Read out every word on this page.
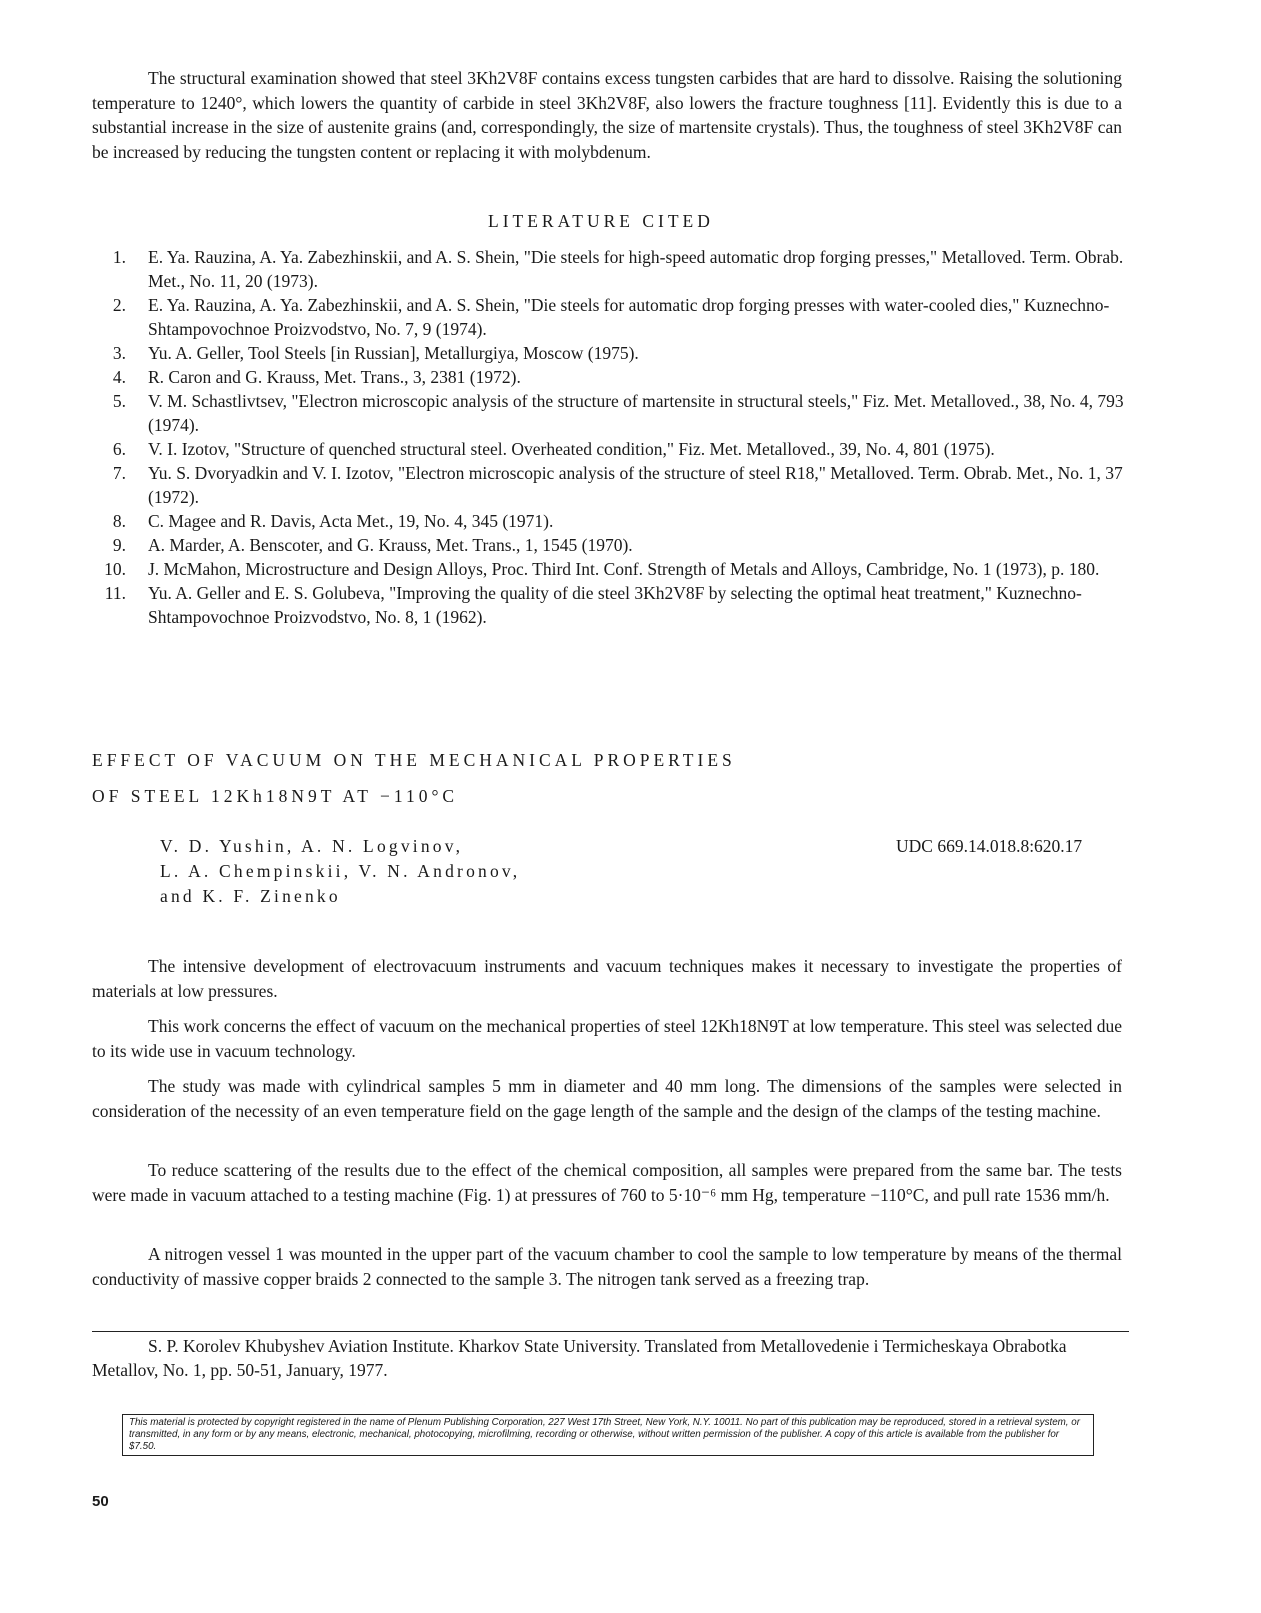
The structural examination showed that steel 3Kh2V8F contains excess tungsten carbides that are hard to dissolve. Raising the solutioning temperature to 1240°, which lowers the quantity of carbide in steel 3Kh2V8F, also lowers the fracture toughness [11]. Evidently this is due to a substantial increase in the size of austenite grains (and, correspondingly, the size of martensite crystals). Thus, the toughness of steel 3Kh2V8F can be increased by reducing the tungsten content or replacing it with molybdenum.

LITERATURE CITED
1. E. Ya. Rauzina, A. Ya. Zabezhinskii, and A. S. Shein, "Die steels for high-speed automatic drop forging presses," Metalloved. Term. Obrab. Met., No. 11, 20 (1973).
2. E. Ya. Rauzina, A. Ya. Zabezhinskii, and A. S. Shein, "Die steels for automatic drop forging presses with water-cooled dies," Kuznechno-Shtampovochnoe Proizvodstvo, No. 7, 9 (1974).
3. Yu. A. Geller, Tool Steels [in Russian], Metallurgiya, Moscow (1975).
4. R. Caron and G. Krauss, Met. Trans., 3, 2381 (1972).
5. V. M. Schastlivtsev, "Electron microscopic analysis of the structure of martensite in structural steels," Fiz. Met. Metalloved., 38, No. 4, 793 (1974).
6. V. I. Izotov, "Structure of quenched structural steel. Overheated condition," Fiz. Met. Metalloved., 39, No. 4, 801 (1975).
7. Yu. S. Dvoryadkin and V. I. Izotov, "Electron microscopic analysis of the structure of steel R18," Metalloved. Term. Obrab. Met., No. 1, 37 (1972).
8. C. Magee and R. Davis, Acta Met., 19, No. 4, 345 (1971).
9. A. Marder, A. Benscoter, and G. Krauss, Met. Trans., 1, 1545 (1970).
10. J. McMahon, Microstructure and Design Alloys, Proc. Third Int. Conf. Strength of Metals and Alloys, Cambridge, No. 1 (1973), p. 180.
11. Yu. A. Geller and E. S. Golubeva, "Improving the quality of die steel 3Kh2V8F by selecting the optimal heat treatment," Kuznechno-Shtampovochnoe Proizvodstvo, No. 8, 1 (1962).
EFFECT OF VACUUM ON THE MECHANICAL PROPERTIES
OF STEEL 12Kh18N9T AT −110°C
V. D. Yushin, A. N. Logvinov,
L. A. Chempinskii, V. N. Andronov,
and K. F. Zinenko
UDC 669.14.018.8:620.17

The intensive development of electrovacuum instruments and vacuum techniques makes it necessary to investigate the properties of materials at low pressures.

This work concerns the effect of vacuum on the mechanical properties of steel 12Kh18N9T at low temperature. This steel was selected due to its wide use in vacuum technology.

The study was made with cylindrical samples 5 mm in diameter and 40 mm long. The dimensions of the samples were selected in consideration of the necessity of an even temperature field on the gage length of the sample and the design of the clamps of the testing machine.

To reduce scattering of the results due to the effect of the chemical composition, all samples were prepared from the same bar. The tests were made in vacuum attached to a testing machine (Fig. 1) at pressures of 760 to 5·10⁻⁶ mm Hg, temperature −110°C, and pull rate 1536 mm/h.

A nitrogen vessel 1 was mounted in the upper part of the vacuum chamber to cool the sample to low temperature by means of the thermal conductivity of massive copper braids 2 connected to the sample 3. The nitrogen tank served as a freezing trap.

S. P. Korolev Khubyshev Aviation Institute. Kharkov State University. Translated from Metallovedenie i Termicheskaya Obrabotka Metallov, No. 1, pp. 50-51, January, 1977.

This material is protected by copyright registered in the name of Plenum Publishing Corporation, 227 West 17th Street, New York, N.Y. 10011. No part of this publication may be reproduced, stored in a retrieval system, or transmitted, in any form or by any means, electronic, mechanical, photocopying, microfilming, recording or otherwise, without written permission of the publisher. A copy of this article is available from the publisher for $7.50.
50
